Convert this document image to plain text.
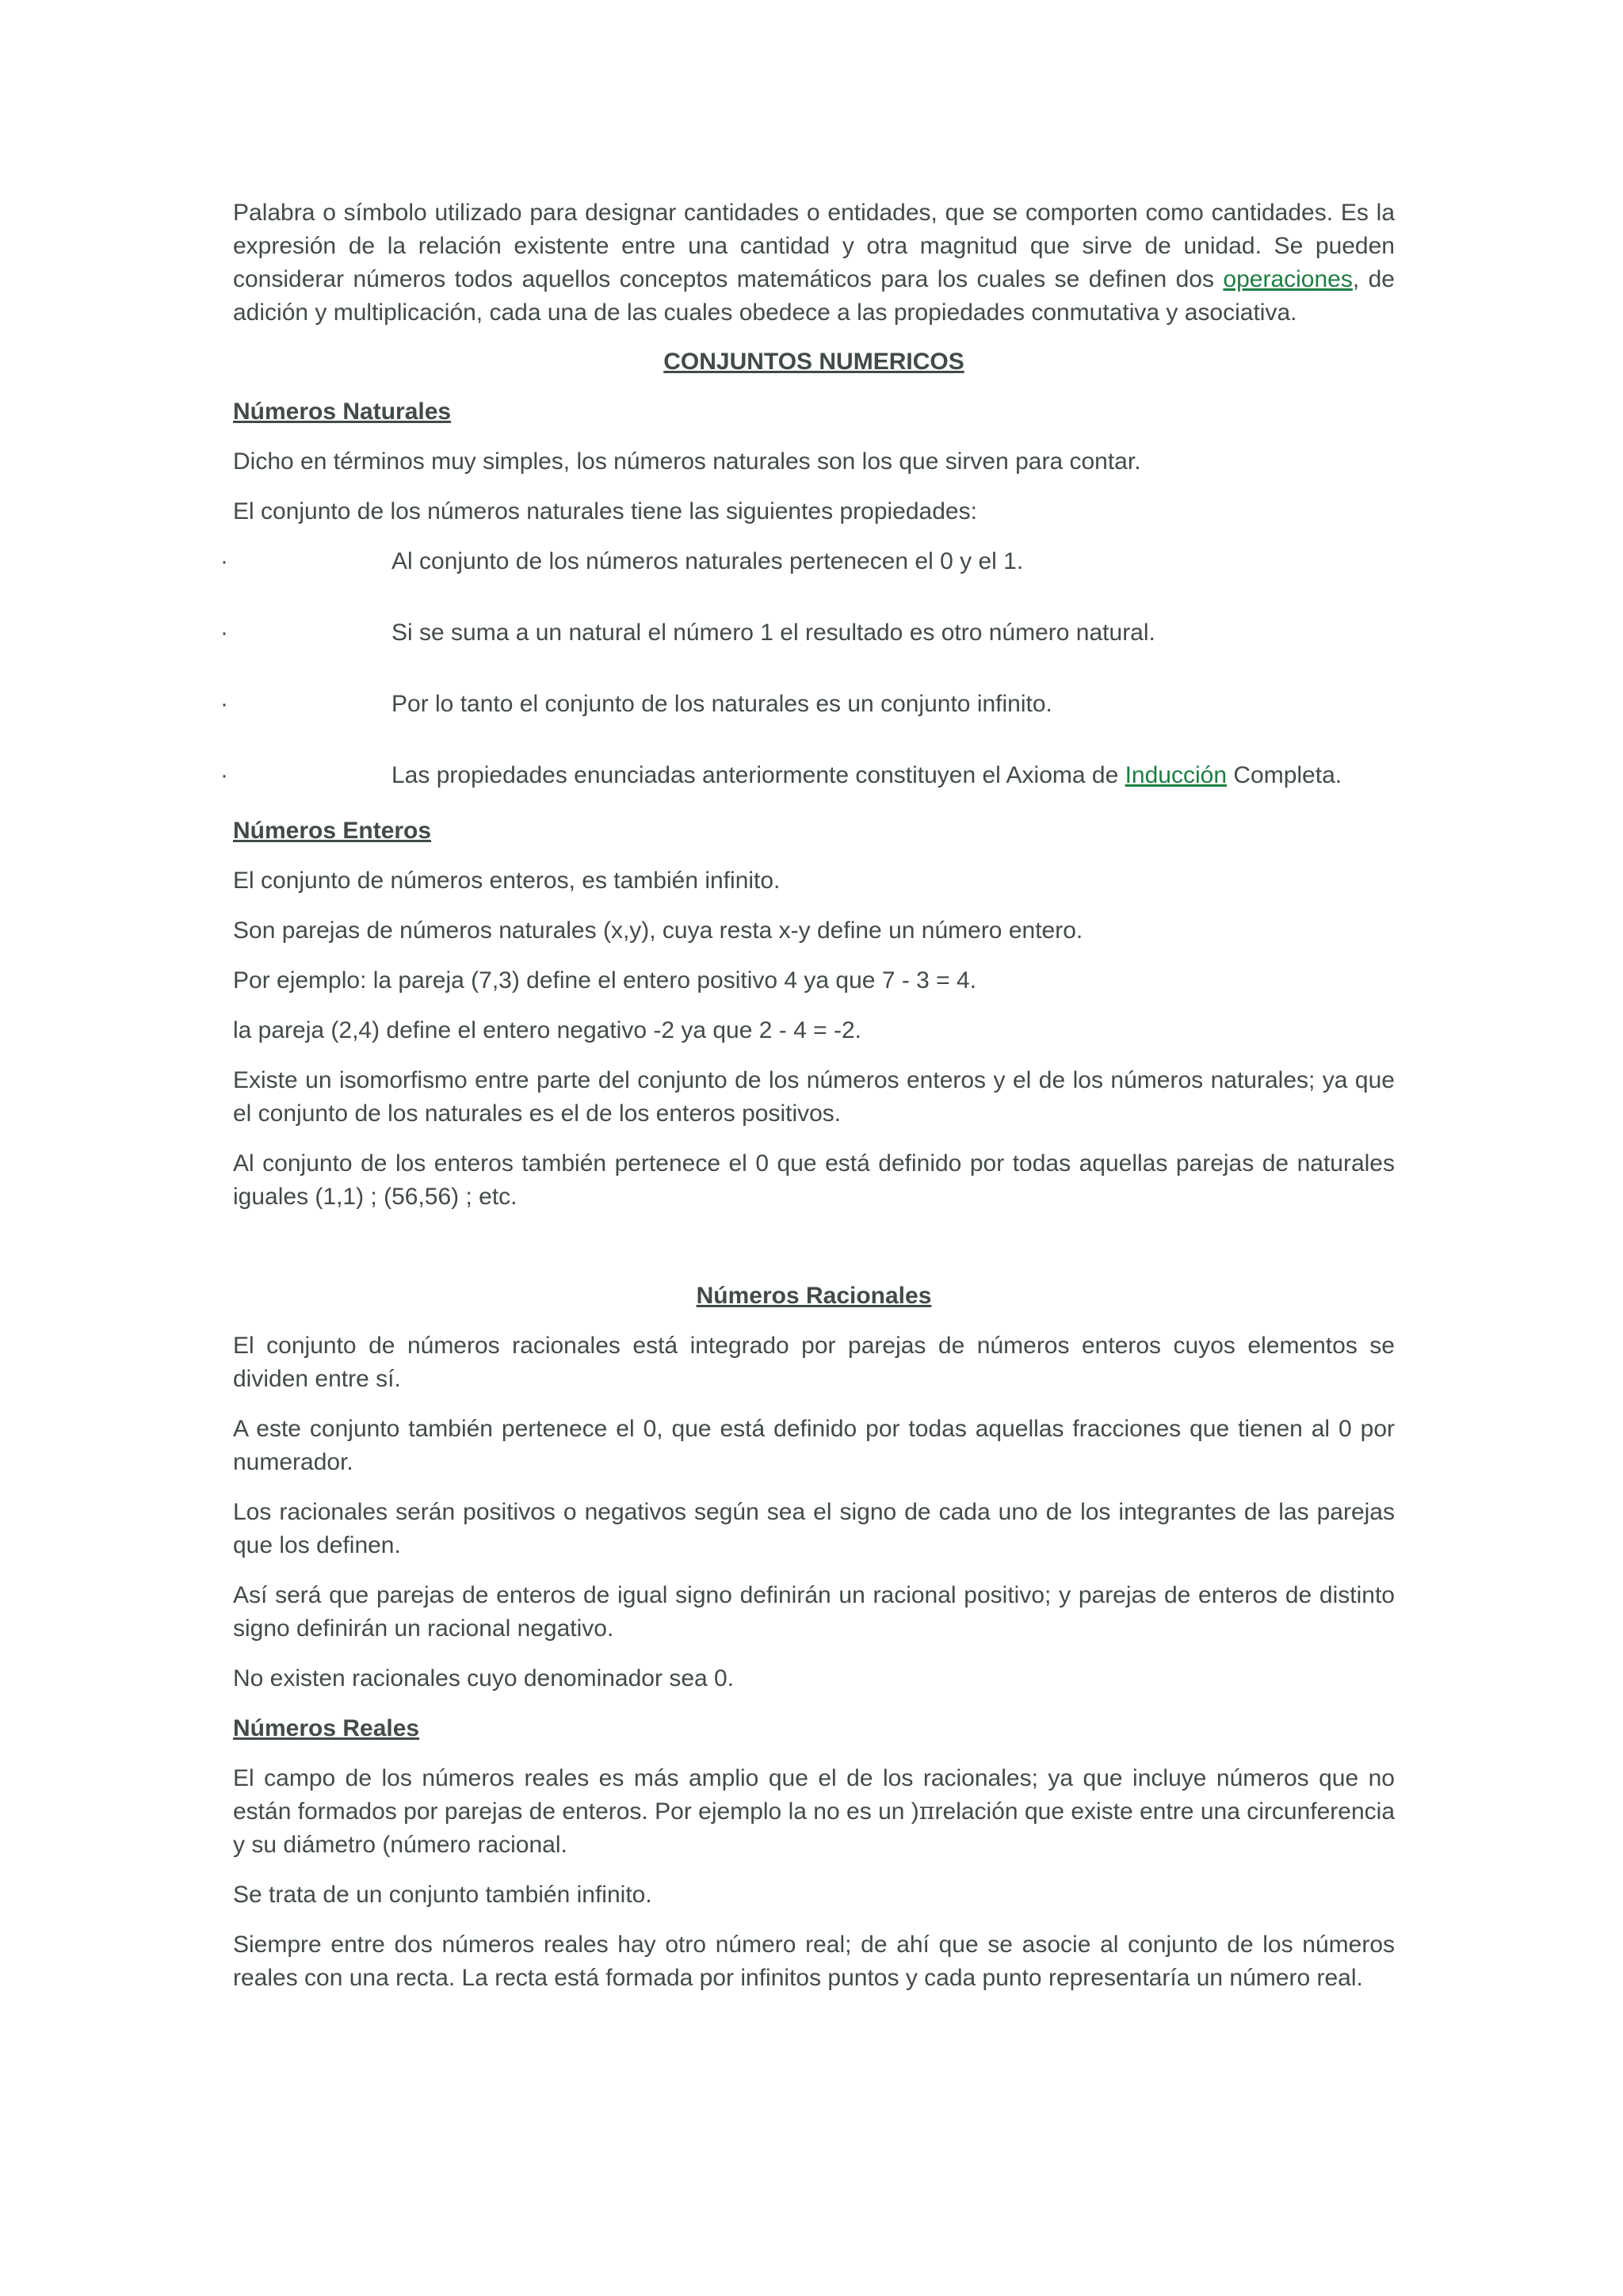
Palabra o símbolo utilizado para designar cantidades o entidades, que se comporten como cantidades. Es la expresión de la relación existente entre una cantidad y otra magnitud que sirve de unidad. Se pueden considerar números todos aquellos conceptos matemáticos para los cuales se definen dos operaciones, de adición y multiplicación, cada una de las cuales obedece a las propiedades conmutativa y asociativa.

CONJUNTOS NUMERICOS
Números Naturales

Dicho en términos muy simples, los números naturales son los que sirven para contar.

El conjunto de los números naturales tiene las siguientes propiedades:

·	Al conjunto de los números naturales pertenecen el 0 y el 1.
·	Si se suma a un natural el número 1 el resultado es otro número natural.
·	Por lo tanto el conjunto de los naturales es un conjunto infinito.
·	Las propiedades enunciadas anteriormente constituyen el Axioma de Inducción Completa.
Números Enteros

El conjunto de números enteros, es también infinito.

Son parejas de números naturales (x,y), cuya resta x-y define un número entero.

Por ejemplo: la pareja (7,3) define el entero positivo 4 ya que 7 - 3 = 4.

la pareja (2,4) define el entero negativo -2 ya que 2 - 4 = -2.

Existe un isomorfismo entre parte del conjunto de los números enteros y el de los números naturales; ya que el conjunto de los naturales es el de los enteros positivos.

Al conjunto de los enteros también pertenece el 0 que está definido por todas aquellas parejas de naturales iguales (1,1) ; (56,56) ; etc.

Números Racionales

El conjunto de números racionales está integrado por parejas de números enteros cuyos elementos se dividen entre sí.

A este conjunto también pertenece el 0, que está definido por todas aquellas fracciones que tienen al 0 por numerador.

Los racionales serán positivos o negativos según sea el signo de cada uno de los integrantes de las parejas que los definen.

Así será que parejas de enteros de igual signo definirán un racional positivo; y parejas de enteros de distinto signo definirán un racional negativo.

No existen racionales cuyo denominador sea 0.

Números Reales

El campo de los números reales es más amplio que el de los racionales; ya que incluye números que no están formados por parejas de enteros. Por ejemplo la no es un )πrelación que existe entre una circunferencia y su diámetro (número racional.

Se trata de un conjunto también infinito.

Siempre entre dos números reales hay otro número real; de ahí que se asocie al conjunto de los números reales con una recta. La recta está formada por infinitos puntos y cada punto representaría un número real.
